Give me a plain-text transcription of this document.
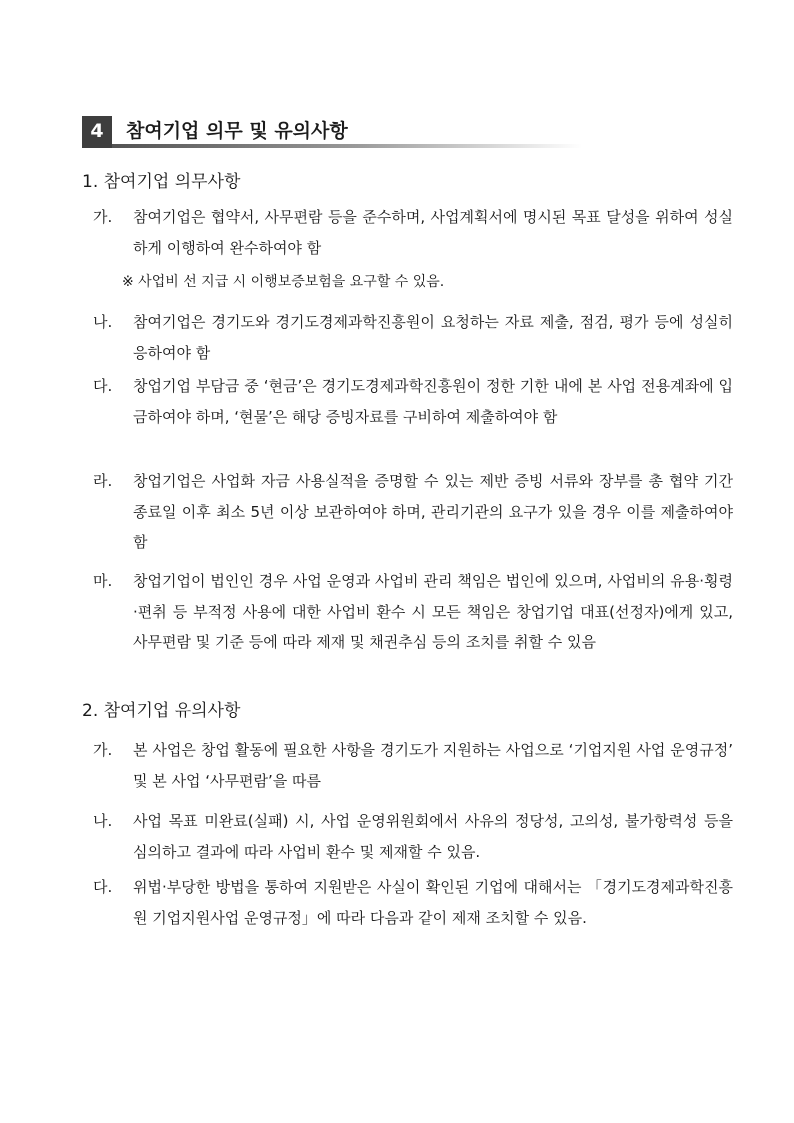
4	참여기업 의무 및 유의사항
1. 참여기업 의무사항
가. 참여기업은 협약서, 사무편람 등을 준수하며, 사업계획서에 명시된 목표 달성을 위하여 성실하게 이행하여 완수하여야 함
※ 사업비 선 지급 시 이행보증보험을 요구할 수 있음.
나. 참여기업은 경기도와 경기도경제과학진흥원이 요청하는 자료 제출, 점검, 평가 등에 성실히 응하여야 함
다. 창업기업 부담금 중 ‘현금’은 경기도경제과학진흥원이 정한 기한 내에 본 사업 전용계좌에 입금하여야 하며, ‘현물’은 해당 증빙자료를 구비하여 제출하여야 함
라. 창업기업은 사업화 자금 사용실적을 증명할 수 있는 제반 증빙 서류와 장부를 총 협약 기간 종료일 이후 최소 5년 이상 보관하여야 하며, 관리기관의 요구가 있을 경우 이를 제출하여야 함
마. 창업기업이 법인인 경우 사업 운영과 사업비 관리 책임은 법인에 있으며, 사업비의 유용·횡령·편취 등 부적정 사용에 대한 사업비 환수 시 모든 책임은 창업기업 대표(선정자)에게 있고, 사무편람 및 기준 등에 따라 제재 및 채권추심 등의 조치를 취할 수 있음
2. 참여기업 유의사항
가. 본 사업은 창업 활동에 필요한 사항을 경기도가 지원하는 사업으로 ‘기업지원 사업 운영규정’ 및 본 사업 ‘사무편람’을 따름
나. 사업 목표 미완료(실패) 시, 사업 운영위원회에서 사유의 정당성, 고의성, 불가항력성 등을 심의하고 결과에 따라 사업비 환수 및 제재할 수 있음.
다. 위법·부당한 방법을 통하여 지원받은 사실이 확인된 기업에 대해서는 「경기도경제과학진흥원 기업지원사업 운영규정」에 따라 다음과 같이 제재 조치할 수 있음.
